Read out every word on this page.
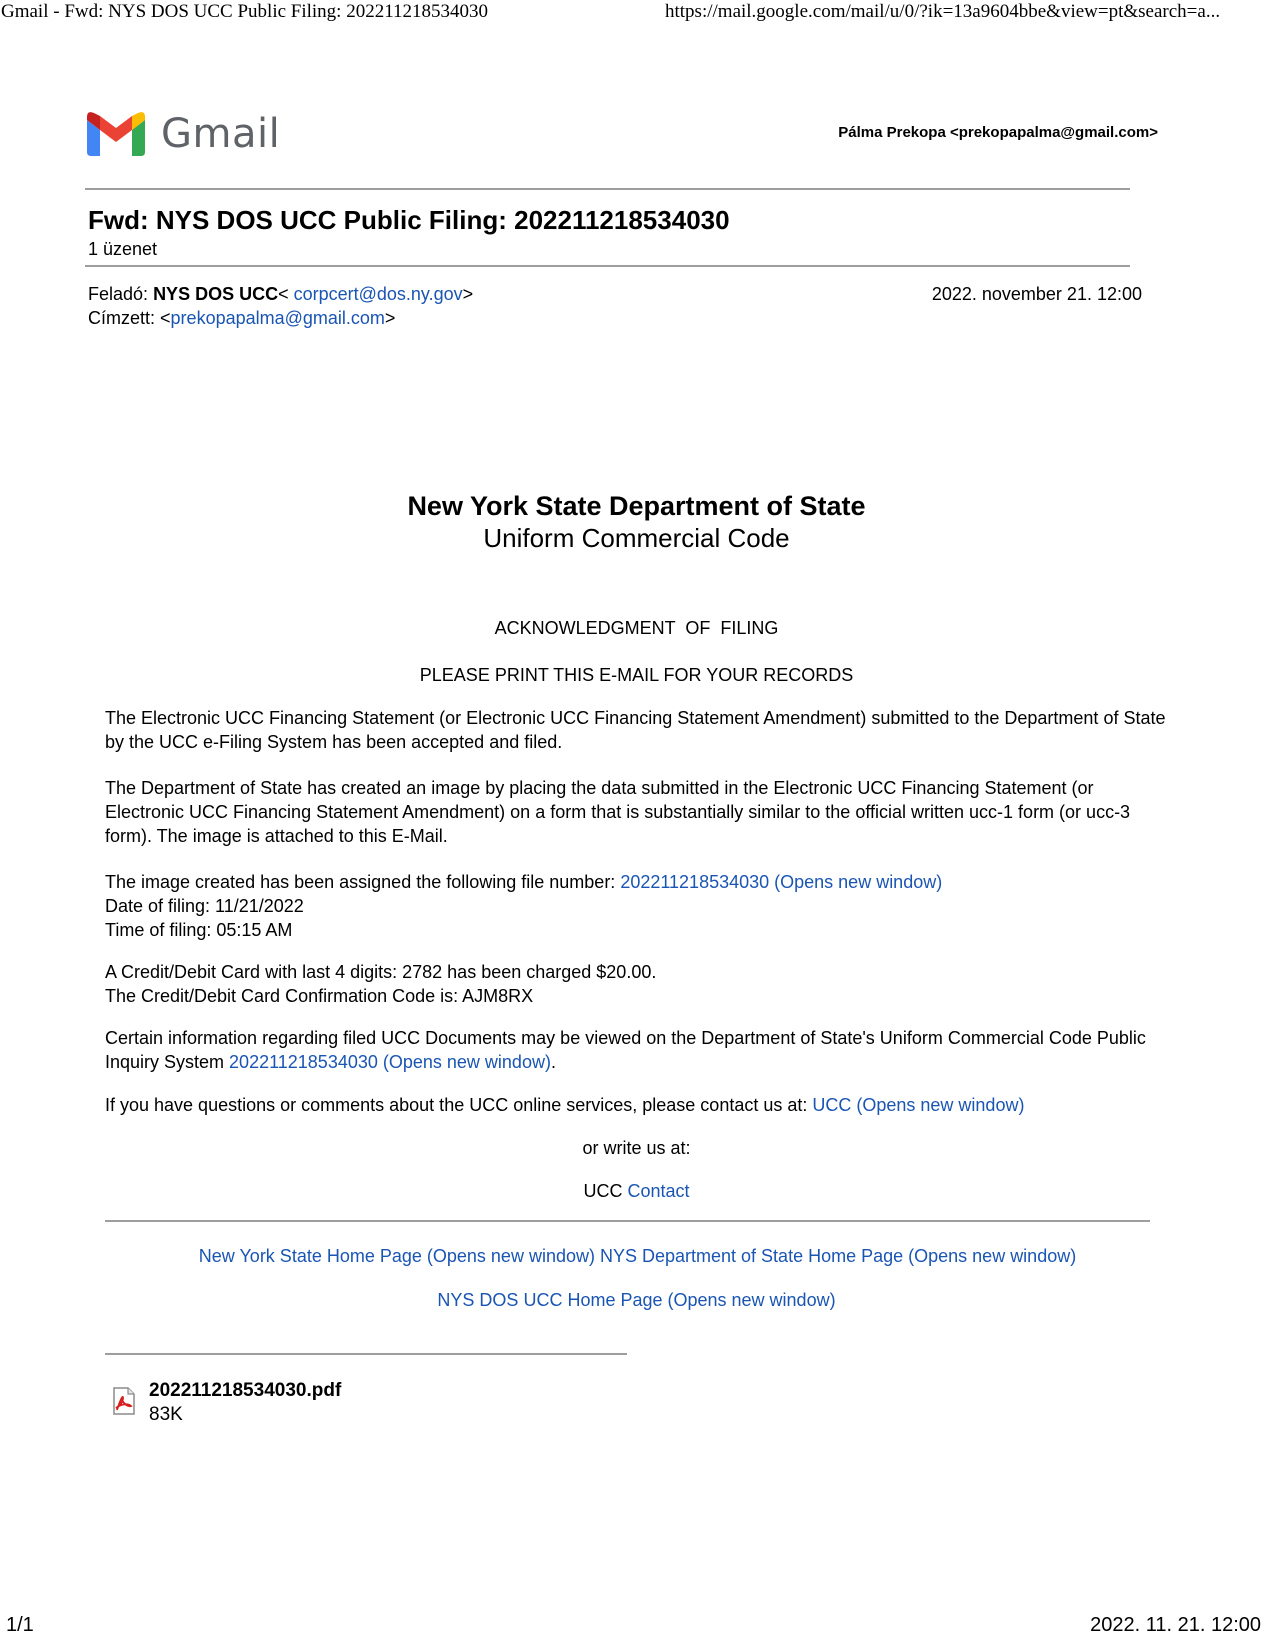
Gmail - Fwd: NYS DOS UCC Public Filing: 202211218534030	https://mail.google.com/mail/u/0/?ik=13a9604bbe&view=pt&search=a...
Gmail	Pálma Prekopa <prekopapalma@gmail.com>
Fwd: NYS DOS UCC Public Filing: 202211218534030
1 üzenet
Feladó: NYS DOS UCC< corpcert@dos.ny.gov>	2022. november 21. 12:00
Címzett: <prekopapalma@gmail.com>
New York State Department of State
Uniform Commercial Code
ACKNOWLEDGMENT  OF  FILING
PLEASE PRINT THIS E-MAIL FOR YOUR RECORDS
The Electronic UCC Financing Statement (or Electronic UCC Financing Statement Amendment) submitted to the Department of State by the UCC e-Filing System has been accepted and filed.
The Department of State has created an image by placing the data submitted in the Electronic UCC Financing Statement (or Electronic UCC Financing Statement Amendment) on a form that is substantially similar to the official written ucc-1 form (or ucc-3 form). The image is attached to this E-Mail.
The image created has been assigned the following file number: 202211218534030 (Opens new window)
Date of filing: 11/21/2022
Time of filing: 05:15 AM
A Credit/Debit Card with last 4 digits: 2782 has been charged $20.00.
The Credit/Debit Card Confirmation Code is: AJM8RX
Certain information regarding filed UCC Documents may be viewed on the Department of State's Uniform Commercial Code Public Inquiry System 202211218534030 (Opens new window).
If you have questions or comments about the UCC online services, please contact us at: UCC (Opens new window)
or write us at:
UCC Contact
New York State Home Page (Opens new window) NYS Department of State Home Page (Opens new window)
NYS DOS UCC Home Page (Opens new window)
202211218534030.pdf
83K
1/1	2022. 11. 21. 12:00
